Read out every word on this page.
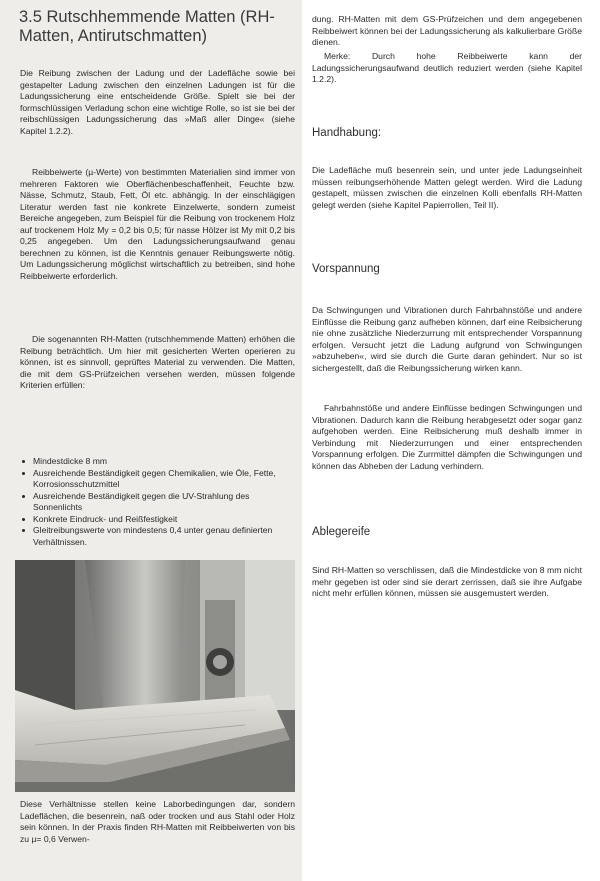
3.5 Rutschhemmende Matten (RH-Matten, Antirutschmatten)

Die Reibung zwischen der Ladung und der Ladefläche sowie bei gestapelter Ladung zwischen den einzelnen Ladungen ist für die Ladungssicherung eine entscheidende Größe. Spielt sie bei der formschlüssigen Verladung schon eine wichtige Rolle, so ist sie bei der reibschlüssigen Ladungssicherung das »Maß aller Dinge« (siehe Kapitel 1.2.2).

Reibbeiwerte (µ-Werte) von bestimmten Materialien sind immer von mehreren Faktoren wie Oberflächenbeschaffenheit, Feuchte bzw. Nässe, Schmutz, Staub, Fett, Öl etc. abhängig. In der einschlägigen Literatur werden fast nie konkrete Einzelwerte, sondern zumeist Bereiche angegeben, zum Beispiel für die Reibung von trockenem Holz auf trockenem Holz My = 0,2 bis 0,5; für nasse Hölzer ist My mit 0,2 bis 0,25 angegeben. Um den Ladungssicherungsaufwand genau berechnen zu können, ist die Kenntnis genauer Reibungswerte nötig. Um Ladungssicherung möglichst wirtschaftlich zu betreiben, sind hohe Reibbeiwerte erforderlich.

Die sogenannten RH-Matten (rutschhemmende Matten) erhöhen die Reibung beträchtlich. Um hier mit gesicherten Werten operieren zu können, ist es sinnvoll, geprüftes Material zu verwenden. Die Matten, die mit dem GS-Prüfzeichen versehen werden, müssen folgende Kriterien erfüllen:

Mindestdicke 8 mm
Ausreichende Beständigkeit gegen Chemikalien, wie Öle, Fette, Korrosionsschutzmittel
Ausreichende Beständigkeit gegen die UV-Strahlung des Sonnenlichts
Konkrete Eindruck- und Reißfestigkeit
Gleitreibungswerte von mindestens 0,4 unter genau definierten Verhältnissen.

Diese Verhältnisse stellen keine Laborbedingungen dar, sondern Ladeflächen, die besenrein, naß oder trocken und aus Stahl oder Holz sein können. In der Praxis finden RH-Matten mit Reibbeiwerten von bis zu µ= 0,6 Verwen-

dung. RH-Matten mit dem GS-Prüfzeichen und dem angegebenen Reibbeiwert können bei der Ladungssicherung als kalkulierbare Größe dienen.

Merke: Durch hohe Reibbeiwerte kann der Ladungssicherungsaufwand deutlich reduziert werden (siehe Kapitel 1.2.2).

Handhabung:

Die Ladefläche muß besenrein sein, und unter jede Ladungseinheit müssen reibungserhöhende Matten gelegt werden. Wird die Ladung gestapelt, müssen zwischen die einzelnen Kolli ebenfalls RH-Matten gelegt werden (siehe Kapitel Papierrollen, Teil II).

Vorspannung

Da Schwingungen und Vibrationen durch Fahrbahnstöße und andere Einflüsse die Reibung ganz aufheben können, darf eine Reibsicherung nie ohne zusätzliche Niederzurrung mit entsprechender Vorspannung erfolgen. Versucht jetzt die Ladung aufgrund von Schwingungen »abzuheben«, wird sie durch die Gurte daran gehindert. Nur so ist sichergestellt, daß die Reibungssicherung wirken kann.

Fahrbahnstöße und andere Einflüsse bedingen Schwingungen und Vibrationen. Dadurch kann die Reibung herabgesetzt oder sogar ganz aufgehoben werden. Eine Reibsicherung muß deshalb immer in Verbindung mit Niederzurrungen und einer entsprechenden Vorspannung erfolgen. Die Zurrmittel dämpfen die Schwingungen und können das Abheben der Ladung verhindern.

Ablegereife

Sind RH-Matten so verschlissen, daß die Mindestdicke von 8 mm nicht mehr gegeben ist oder sind sie derart zerrissen, daß sie ihre Aufgabe nicht mehr erfüllen können, müssen sie ausgemustert werden.
